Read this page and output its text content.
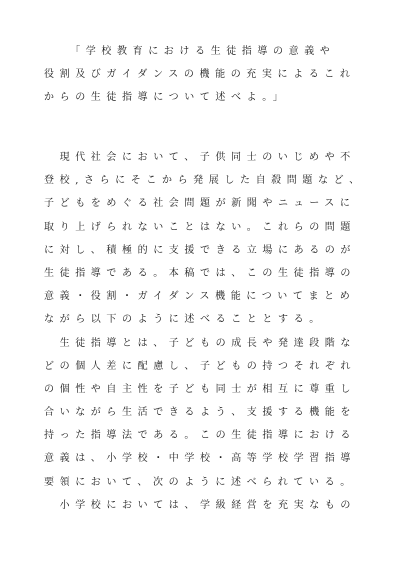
　　「学校教育における生徒指導の意義や
役割及びガイダンスの機能の充実によるこれ
からの生徒指導について述べよ。」
　現代社会において、子供同士のいじめや不
登校,さらにそこから発展した自殺問題など、
子どもをめぐる社会問題が新聞やニュースに
取り上げられないことはない。これらの問題
に対し、積極的に支援できる立場にあるのが
生徒指導である。本稿では、この生徒指導の
意義・役割・ガイダンス機能についてまとめ
ながら以下のように述べることとする。
　生徒指導とは、子どもの成長や発達段階な
どの個人差に配慮し、子どもの持つそれぞれ
の個性や自主性を子ども同士が相互に尊重し
合いながら生活できるよう、支援する機能を
持った指導法である。この生徒指導における
意義は、小学校・中学校・高等学校学習指導
要領において、次のように述べられている。
　小学校においては、学級経営を充実なもの
